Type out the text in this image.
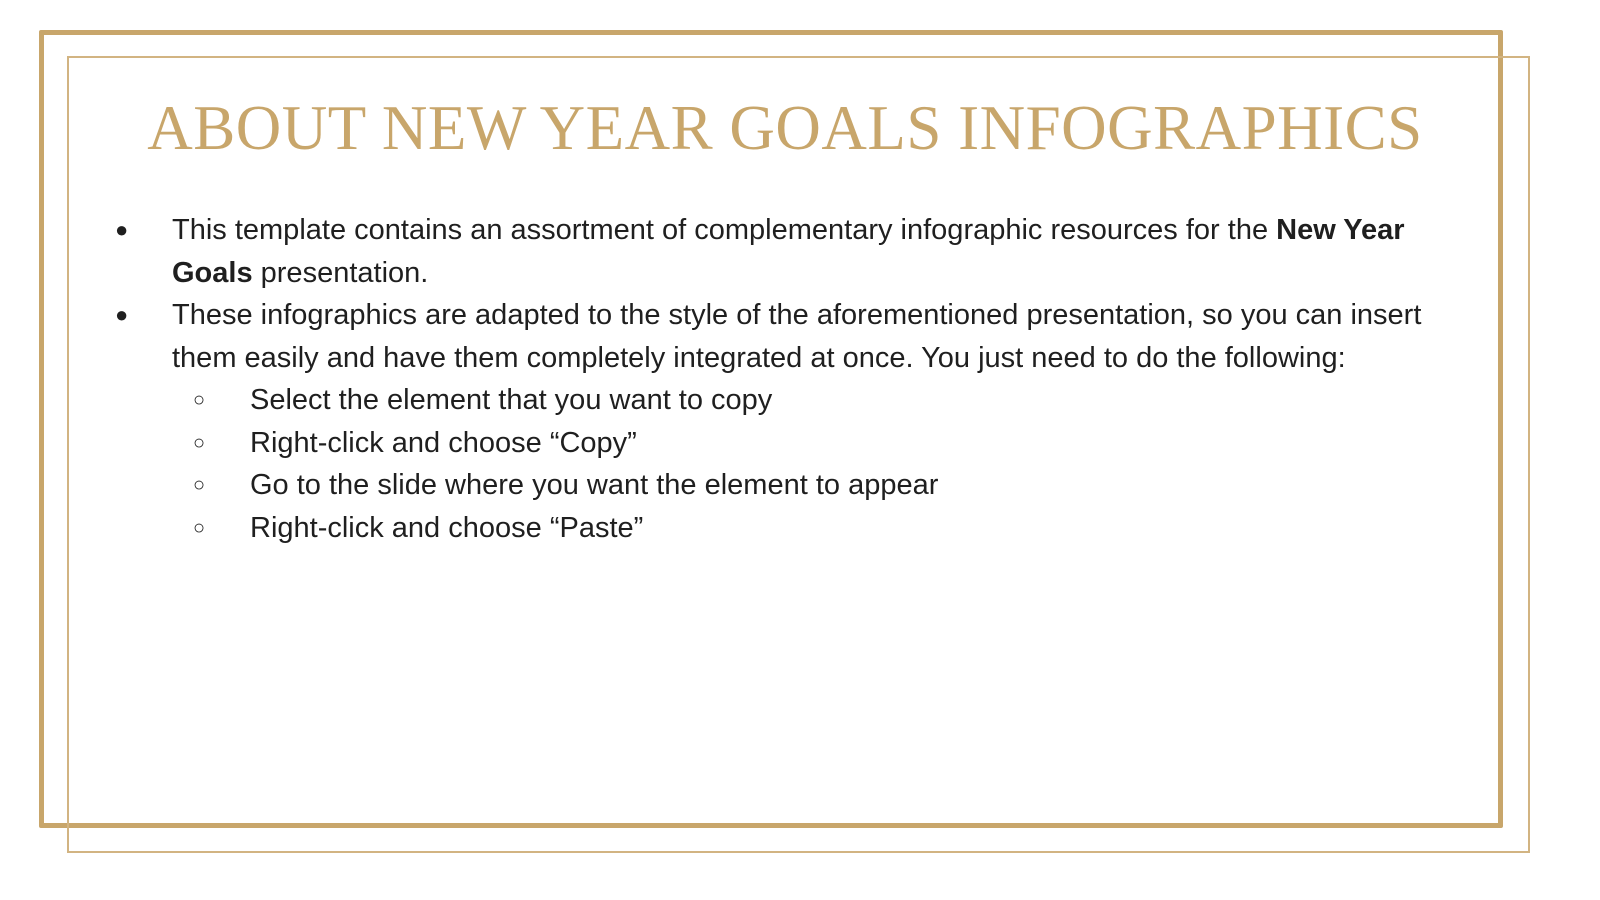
ABOUT NEW YEAR GOALS INFOGRAPHICS
●	This template contains an assortment of complementary infographic resources for the New Year Goals presentation.
●	These infographics are adapted to the style of the aforementioned presentation, so you can insert them easily and have them completely integrated at once. You just need to do the following:
○ Select the element that you want to copy
○ Right-click and choose “Copy”
○ Go to the slide where you want the element to appear
○ Right-click and choose “Paste”
